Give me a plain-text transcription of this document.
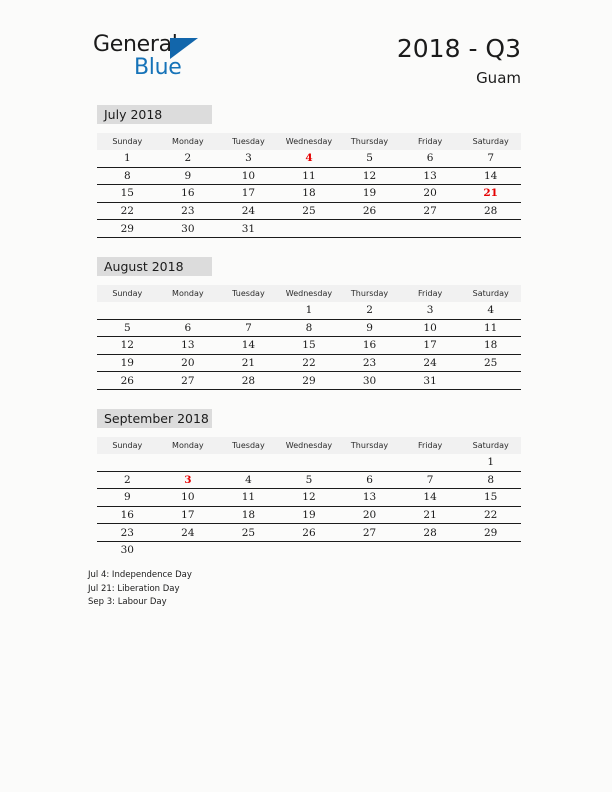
General
Blue
2018 - Q3
Guam
July 2018
Sunday	Monday	Tuesday	Wednesday	Thursday	Friday	Saturday
1	2	3	4	5	6	7
8	9	10	11	12	13	14
15	16	17	18	19	20	21
22	23	24	25	26	27	28
29	30	31				
August 2018
Sunday	Monday	Tuesday	Wednesday	Thursday	Friday	Saturday
			1	2	3	4
5	6	7	8	9	10	11
12	13	14	15	16	17	18
19	20	21	22	23	24	25
26	27	28	29	30	31	
September 2018
Sunday	Monday	Tuesday	Wednesday	Thursday	Friday	Saturday
						1
2	3	4	5	6	7	8
9	10	11	12	13	14	15
16	17	18	19	20	21	22
23	24	25	26	27	28	29
30						
Jul 4: Independence Day
Jul 21: Liberation Day
Sep 3: Labour Day
